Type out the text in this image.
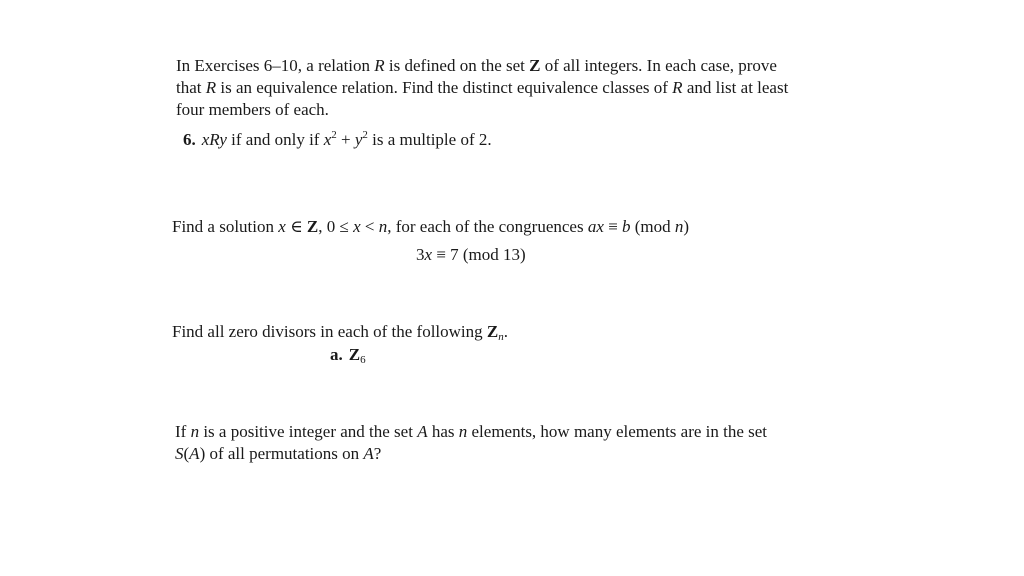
In Exercises 6–10, a relation R is defined on the set Z of all integers. In each case, prove
that R is an equivalence relation. Find the distinct equivalence classes of R and list at least
four members of each.
6. xRy if and only if $x^2 + y^2$ is a multiple of 2.
Find a solution x ∈ Z, 0 ≤ x < n, for each of the congruences ax ≡ b (mod n)
3x ≡ 7 (mod 13)
Find all zero divisors in each of the following $Z_n$.
a. $Z_6$
If n is a positive integer and the set A has n elements, how many elements are in the set
S(A) of all permutations on A?
